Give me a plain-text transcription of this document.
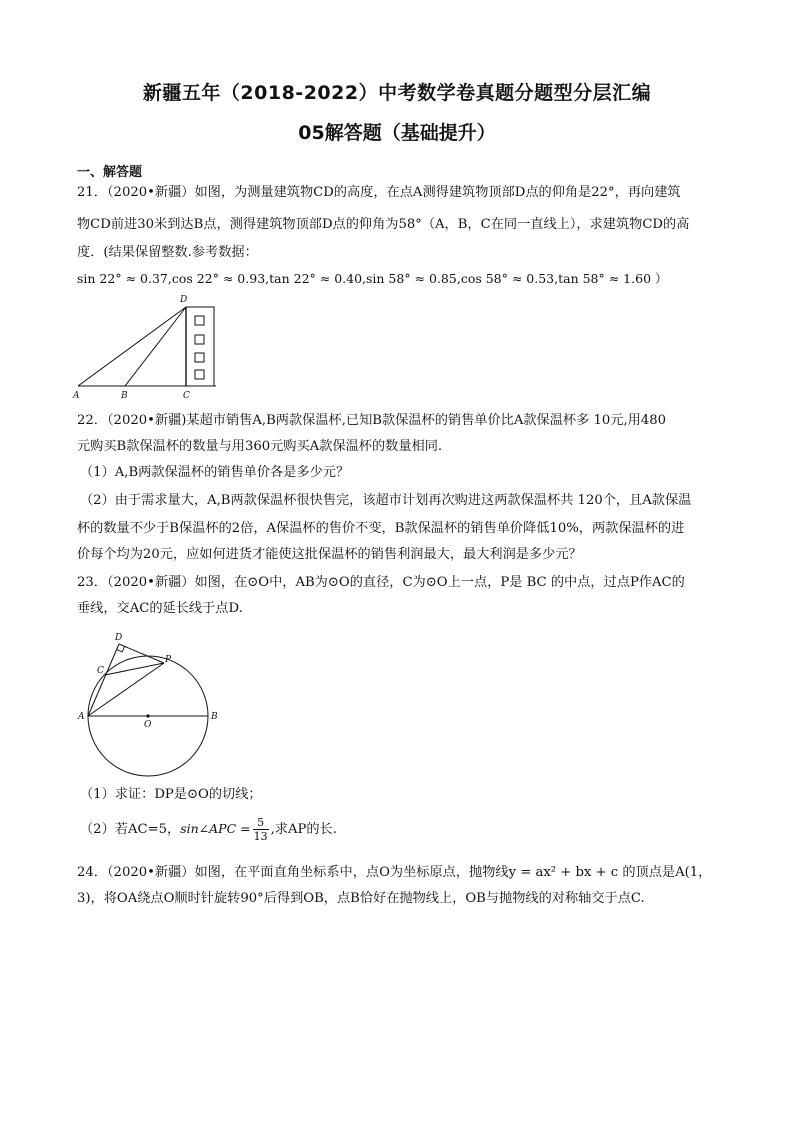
新疆五年（2018-2022）中考数学卷真题分题型分层汇编
05解答题（基础提升）
一、解答题
21．（2020•新疆）如图，为测量建筑物CD的高度，在点A测得建筑物顶部D点的仰角是22°，再向建筑
物CD前进30米到达B点，测得建筑物顶部D点的仰角为58°（A，B，C在同一直线上），求建筑物CD的高
度．(结果保留整数.参考数据：
sin 22° ≈ 0.37,cos 22° ≈ 0.93,tan 22° ≈ 0.40,sin 58° ≈ 0.85,cos 58° ≈ 0.53,tan 58° ≈ 1.60 ）
A	B	C
D
22．（2020•新疆)某超市销售A,B两款保温杯,已知B款保温杯的销售单价比A款保温杯多 10元,用480
元购买B款保温杯的数量与用360元购买A款保温杯的数量相同.
（1）A,B两款保温杯的销售单价各是多少元？
（2）由于需求量大，A,B两款保温杯很快售完，该超市计划再次购进这两款保温杯共 120个，且A款保温
杯的数量不少于B保温杯的2倍，A保温杯的售价不变，B款保温杯的销售单价降低10%，两款保温杯的进
价每个均为20元，应如何进货才能使这批保温杯的销售利润最大，最大利润是多少元？
23．（2020•新疆）如图，在⊙O中，AB为⊙O的直径，C为⊙O上一点，P是 BC 的中点，过点P作AC的
垂线，交AC的延长线于点D.
D
C
P
A
O
B
（1）求证：DP是⊙O的切线；
（2）若AC=5，sin∠APC = $\frac{5}{13}$ ,求AP的长.
24．（2020•新疆）如图，在平面直角坐标系中，点O为坐标原点，抛物线y = ax² + bx + c 的顶点是A(1，
3)，将OA绕点O顺时针旋转90°后得到OB，点B恰好在抛物线上，OB与抛物线的对称轴交于点C.
